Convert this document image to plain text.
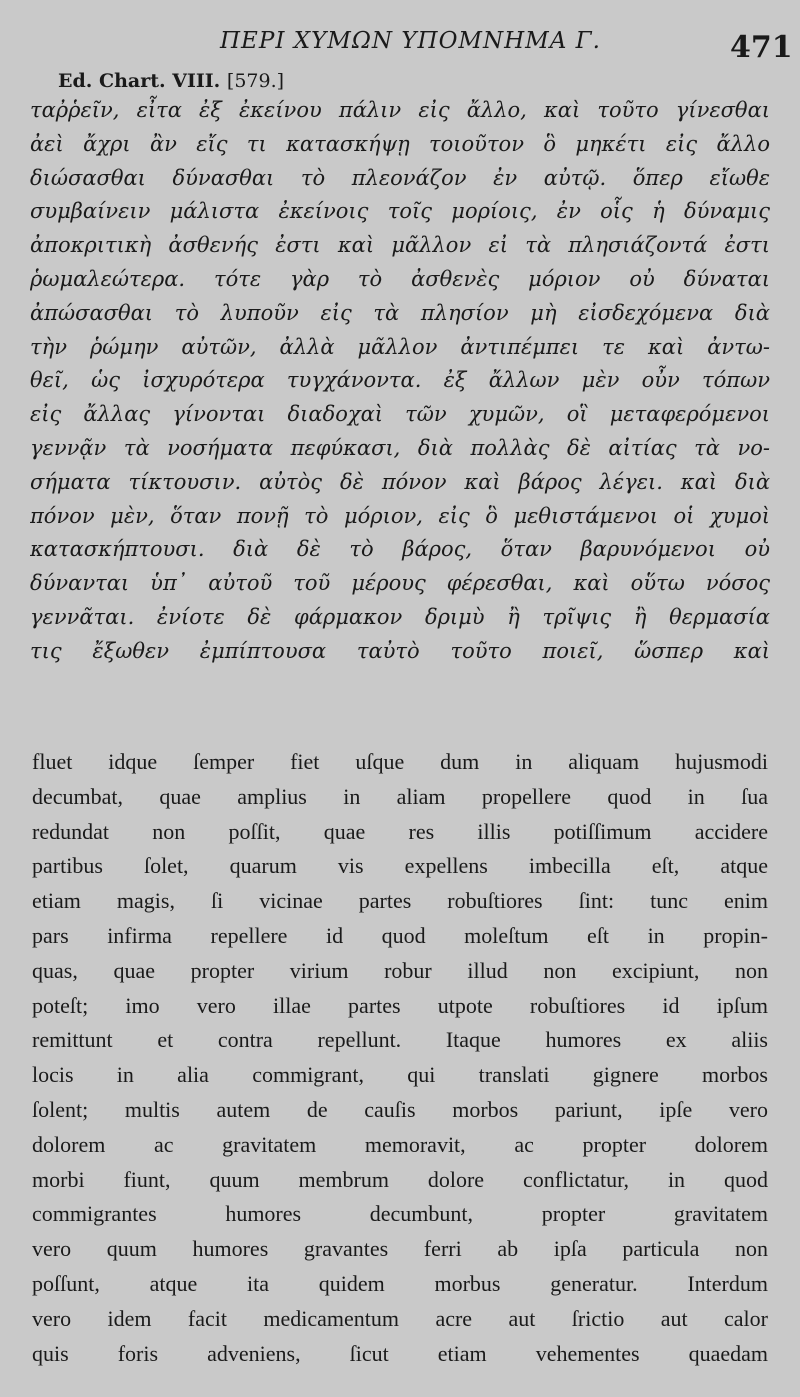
ΠΕΡΙ ΧΥΜΩΝ ΥΠΟΜΝΗΜΑ Γ.	471
Ed. Chart. VIII. [579.]
ταῤῥεῖν, εἶτα ἐξ ἐκείνου πάλιν εἰς ἄλλο, καὶ τοῦτο γίνεσθαι
ἀεὶ ἄχρι ἂν εἴς τι κατασκήψῃ τοιοῦτον ὃ μηκέτι εἰς ἄλλο
διώσασθαι δύνασθαι τὸ πλεονάζον ἐν αὐτῷ. ὅπερ εἴωθε
συμβαίνειν μάλιστα ἐκείνοις τοῖς μορίοις, ἐν οἷς ἡ δύναμις
ἀποκριτικὴ ἀσθενής ἐστι καὶ μᾶλλον εἰ τὰ πλησιάζοντά ἐστι
ῥωμαλεώτερα. τότε γὰρ τὸ ἀσθενὲς μόριον οὐ δύναται
ἀπώσασθαι τὸ λυποῦν εἰς τὰ πλησίον μὴ εἰσδεχόμενα διὰ
τὴν ῥώμην αὐτῶν, ἀλλὰ μᾶλλον ἀντιπέμπει τε καὶ ἀντω-
θεῖ, ὡς ἰσχυρότερα τυγχάνοντα. ἐξ ἄλλων μὲν οὖν τόπων
εἰς ἄλλας γίνονται διαδοχαὶ τῶν χυμῶν, οἳ μεταφερόμενοι
γεννᾷν τὰ νοσήματα πεφύκασι, διὰ πολλὰς δὲ αἰτίας τὰ νο-
σήματα τίκτουσιν. αὐτὸς δὲ πόνον καὶ βάρος λέγει. καὶ διὰ
πόνον μὲν, ὅταν πονῇ τὸ μόριον, εἰς ὃ μεθιστάμενοι οἱ χυμοὶ
κατασκήπτουσι. διὰ δὲ τὸ βάρος, ὅταν βαρυνόμενοι οὐ
δύνανται ὑπ᾽ αὐτοῦ τοῦ μέρους φέρεσθαι, καὶ οὕτω νόσος
γεννᾶται. ἐνίοτε δὲ φάρμακον δριμὺ ἢ τρῖψις ἢ θερμασία
τις ἔξωθεν ἐμπίπτουσα ταὐτὸ τοῦτο ποιεῖ, ὥσπερ καὶ
fluet idque ſemper fiet uſque dum in aliquam hujusmodi
decumbat, quae amplius in aliam propellere quod in ſua
redundat non poſſit, quae res illis potiſſimum accidere
partibus ſolet, quarum vis expellens imbecilla eſt, atque
etiam magis, ſi vicinae partes robuſtiores ſint: tunc enim
pars infirma repellere id quod moleſtum eſt in propin-
quas, quae propter virium robur illud non excipiunt, non
poteſt; imo vero illae partes utpote robuſtiores id ipſum
remittunt et contra repellunt. Itaque humores ex aliis
locis in alia commigrant, qui translati gignere morbos
ſolent; multis autem de cauſis morbos pariunt, ipſe vero
dolorem ac gravitatem memoravit, ac propter dolorem
morbi fiunt, quum membrum dolore conflictatur, in quod
commigrantes humores decumbunt, propter gravitatem
vero quum humores gravantes ferri ab ipſa particula non
poſſunt, atque ita quidem morbus generatur. Interdum
vero idem facit medicamentum acre aut ſrictio aut calor
quis foris adveniens, ſicut etiam vehementes quaedam
